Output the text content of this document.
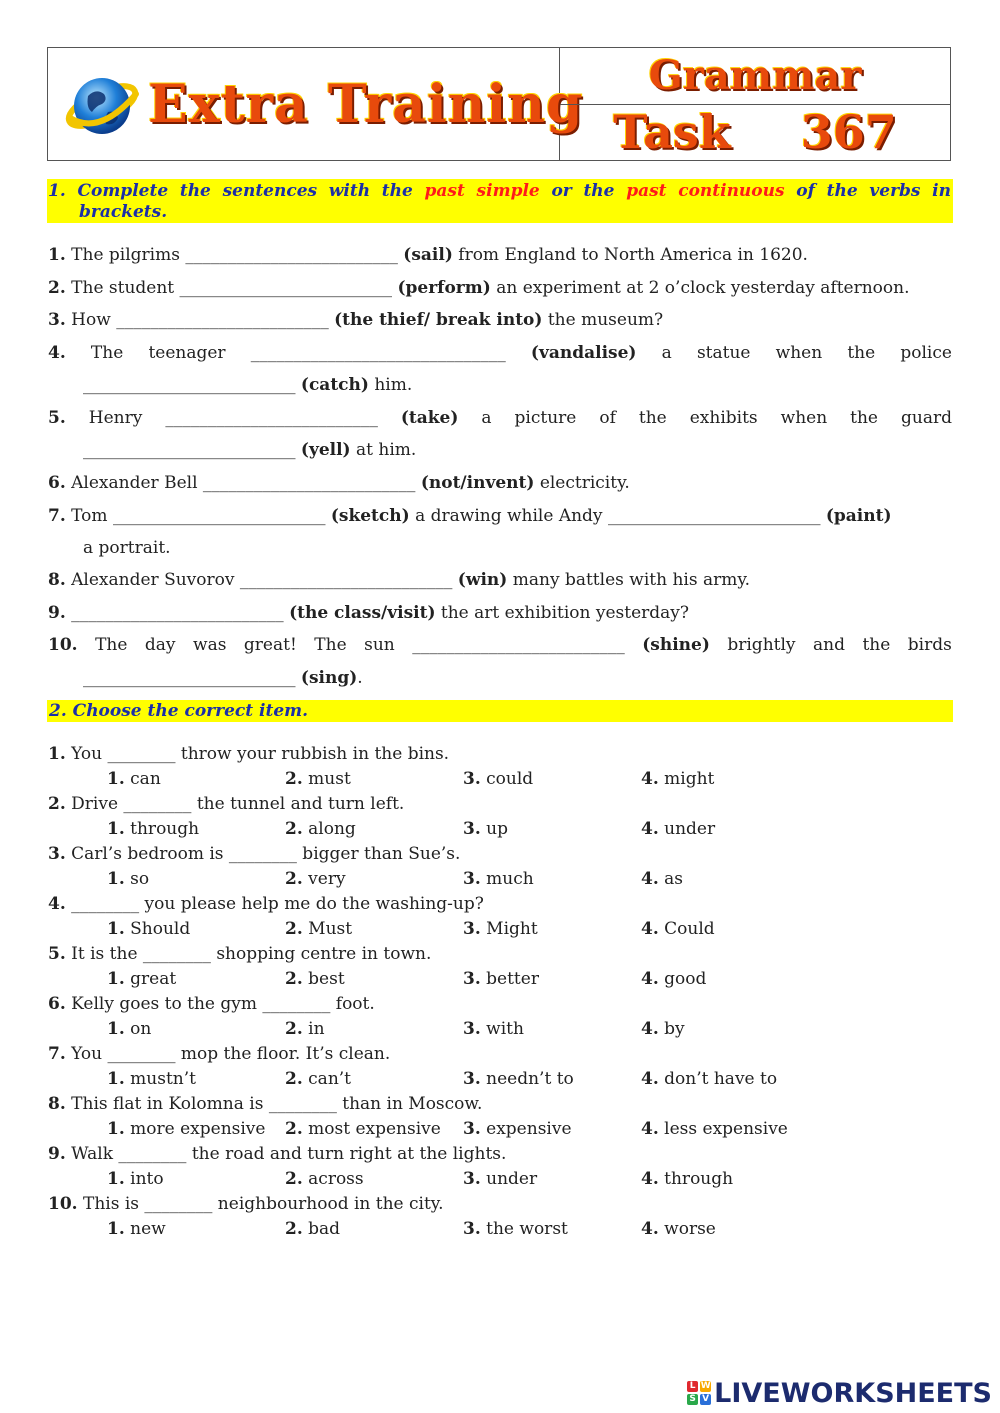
Extra Training	Grammar
Task 367
1. Complete the sentences with the past simple or the past continuous of the verbs in brackets.
1. The pilgrims _________________________ (sail) from England to North America in 1620.
2. The student _________________________ (perform) an experiment at 2 o’clock yesterday afternoon.
3. How _________________________ (the thief/ break into) the museum?
4. The teenager ______________________________ (vandalise) a statue when the police
_________________________ (catch) him.
5. Henry _________________________ (take) a picture of the exhibits when the guard
_________________________ (yell) at him.
6. Alexander Bell _________________________ (not/invent) electricity.
7. Tom _________________________ (sketch) a drawing while Andy _________________________ (paint)
a portrait.
8. Alexander Suvorov _________________________ (win) many battles with his army.
9. _________________________ (the class/visit) the art exhibition yesterday?
10. The day was great! The sun _________________________ (shine) brightly and the birds
_________________________ (sing).
2. Choose the correct item.
1. You ________ throw your rubbish in the bins.
1. can	2. must	3. could	4. might
2. Drive ________ the tunnel and turn left.
1. through	2. along	3. up	4. under
3. Carl’s bedroom is ________ bigger than Sue’s.
1. so	2. very	3. much	4. as
4. ________ you please help me do the washing-up?
1. Should	2. Must	3. Might	4. Could
5. It is the ________ shopping centre in town.
1. great	2. best	3. better	4. good
6. Kelly goes to the gym ________ foot.
1. on	2. in	3. with	4. by
7. You ________ mop the floor. It’s clean.
1. mustn’t	2. can’t	3. needn’t to	4. don’t have to
8. This flat in Kolomna is ________ than in Moscow.
1. more expensive 2. most expensive 3. expensive	4. less expensive
9. Walk ________ the road and turn right at the lights.
1. into	2. across	3. under	4. through
10. This is ________ neighbourhood in the city.
1. new	2. bad	3. the worst	4. worse
L W
S V LIVEWORKSHEETS
